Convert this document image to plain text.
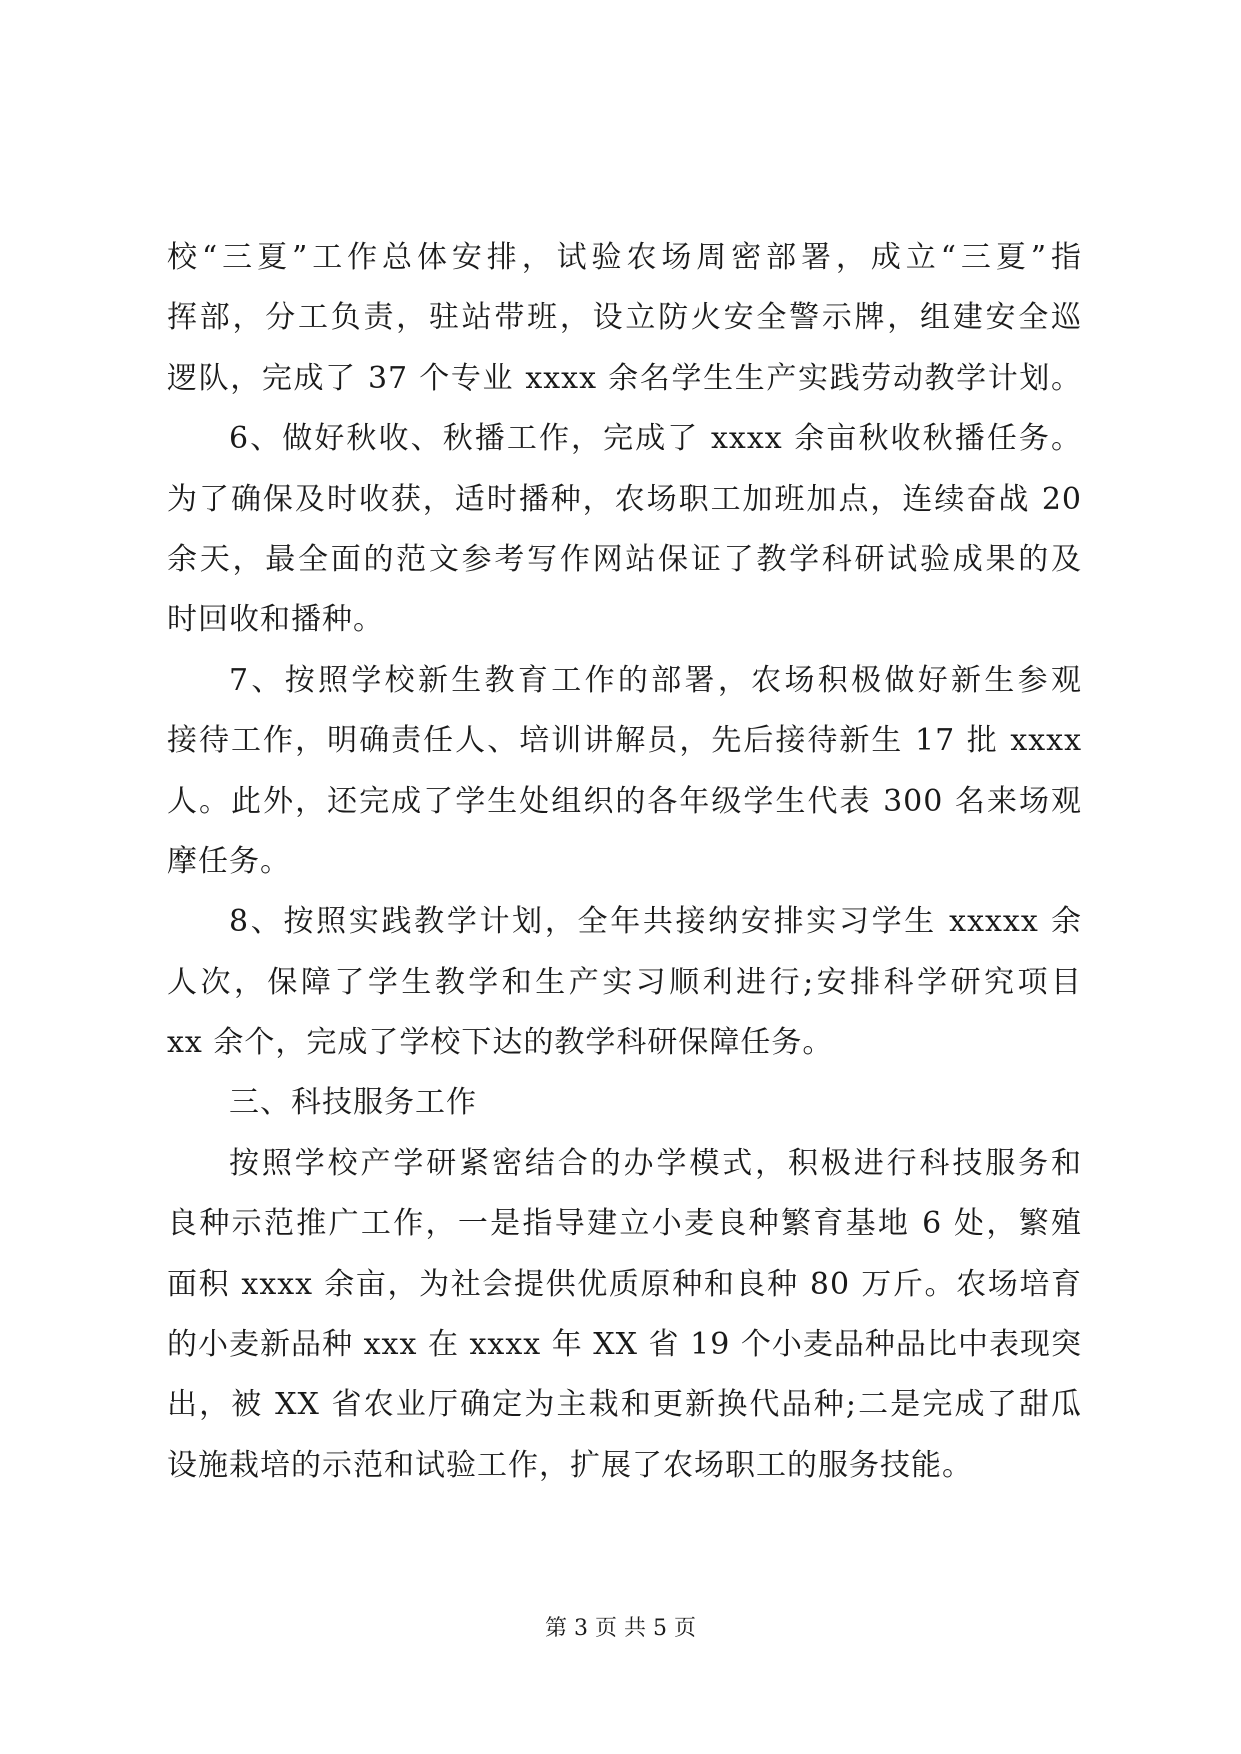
校“三夏”工作总体安排，试验农场周密部署，成立“三夏”指
挥部，分工负责，驻站带班，设立防火安全警示牌，组建安全巡
逻队，完成了 37 个专业 xxxx 余名学生生产实践劳动教学计划。
6、做好秋收、秋播工作，完成了 xxxx 余亩秋收秋播任务。
为了确保及时收获，适时播种，农场职工加班加点，连续奋战 20
余天，最全面的范文参考写作网站保证了教学科研试验成果的及
时回收和播种。
7、按照学校新生教育工作的部署，农场积极做好新生参观
接待工作，明确责任人、培训讲解员，先后接待新生 17 批 xxxx
人。此外，还完成了学生处组织的各年级学生代表 300 名来场观
摩任务。
8、按照实践教学计划，全年共接纳安排实习学生 xxxxx 余
人次，保障了学生教学和生产实习顺利进行;安排科学研究项目
xx 余个，完成了学校下达的教学科研保障任务。
三、科技服务工作
按照学校产学研紧密结合的办学模式，积极进行科技服务和
良种示范推广工作，一是指导建立小麦良种繁育基地 6 处，繁殖
面积 xxxx 余亩，为社会提供优质原种和良种 80 万斤。农场培育
的小麦新品种 xxx 在 xxxx 年 XX 省 19 个小麦品种品比中表现突
出，被 XX 省农业厅确定为主栽和更新换代品种;二是完成了甜瓜
设施栽培的示范和试验工作，扩展了农场职工的服务技能。
第 3 页 共 5 页
